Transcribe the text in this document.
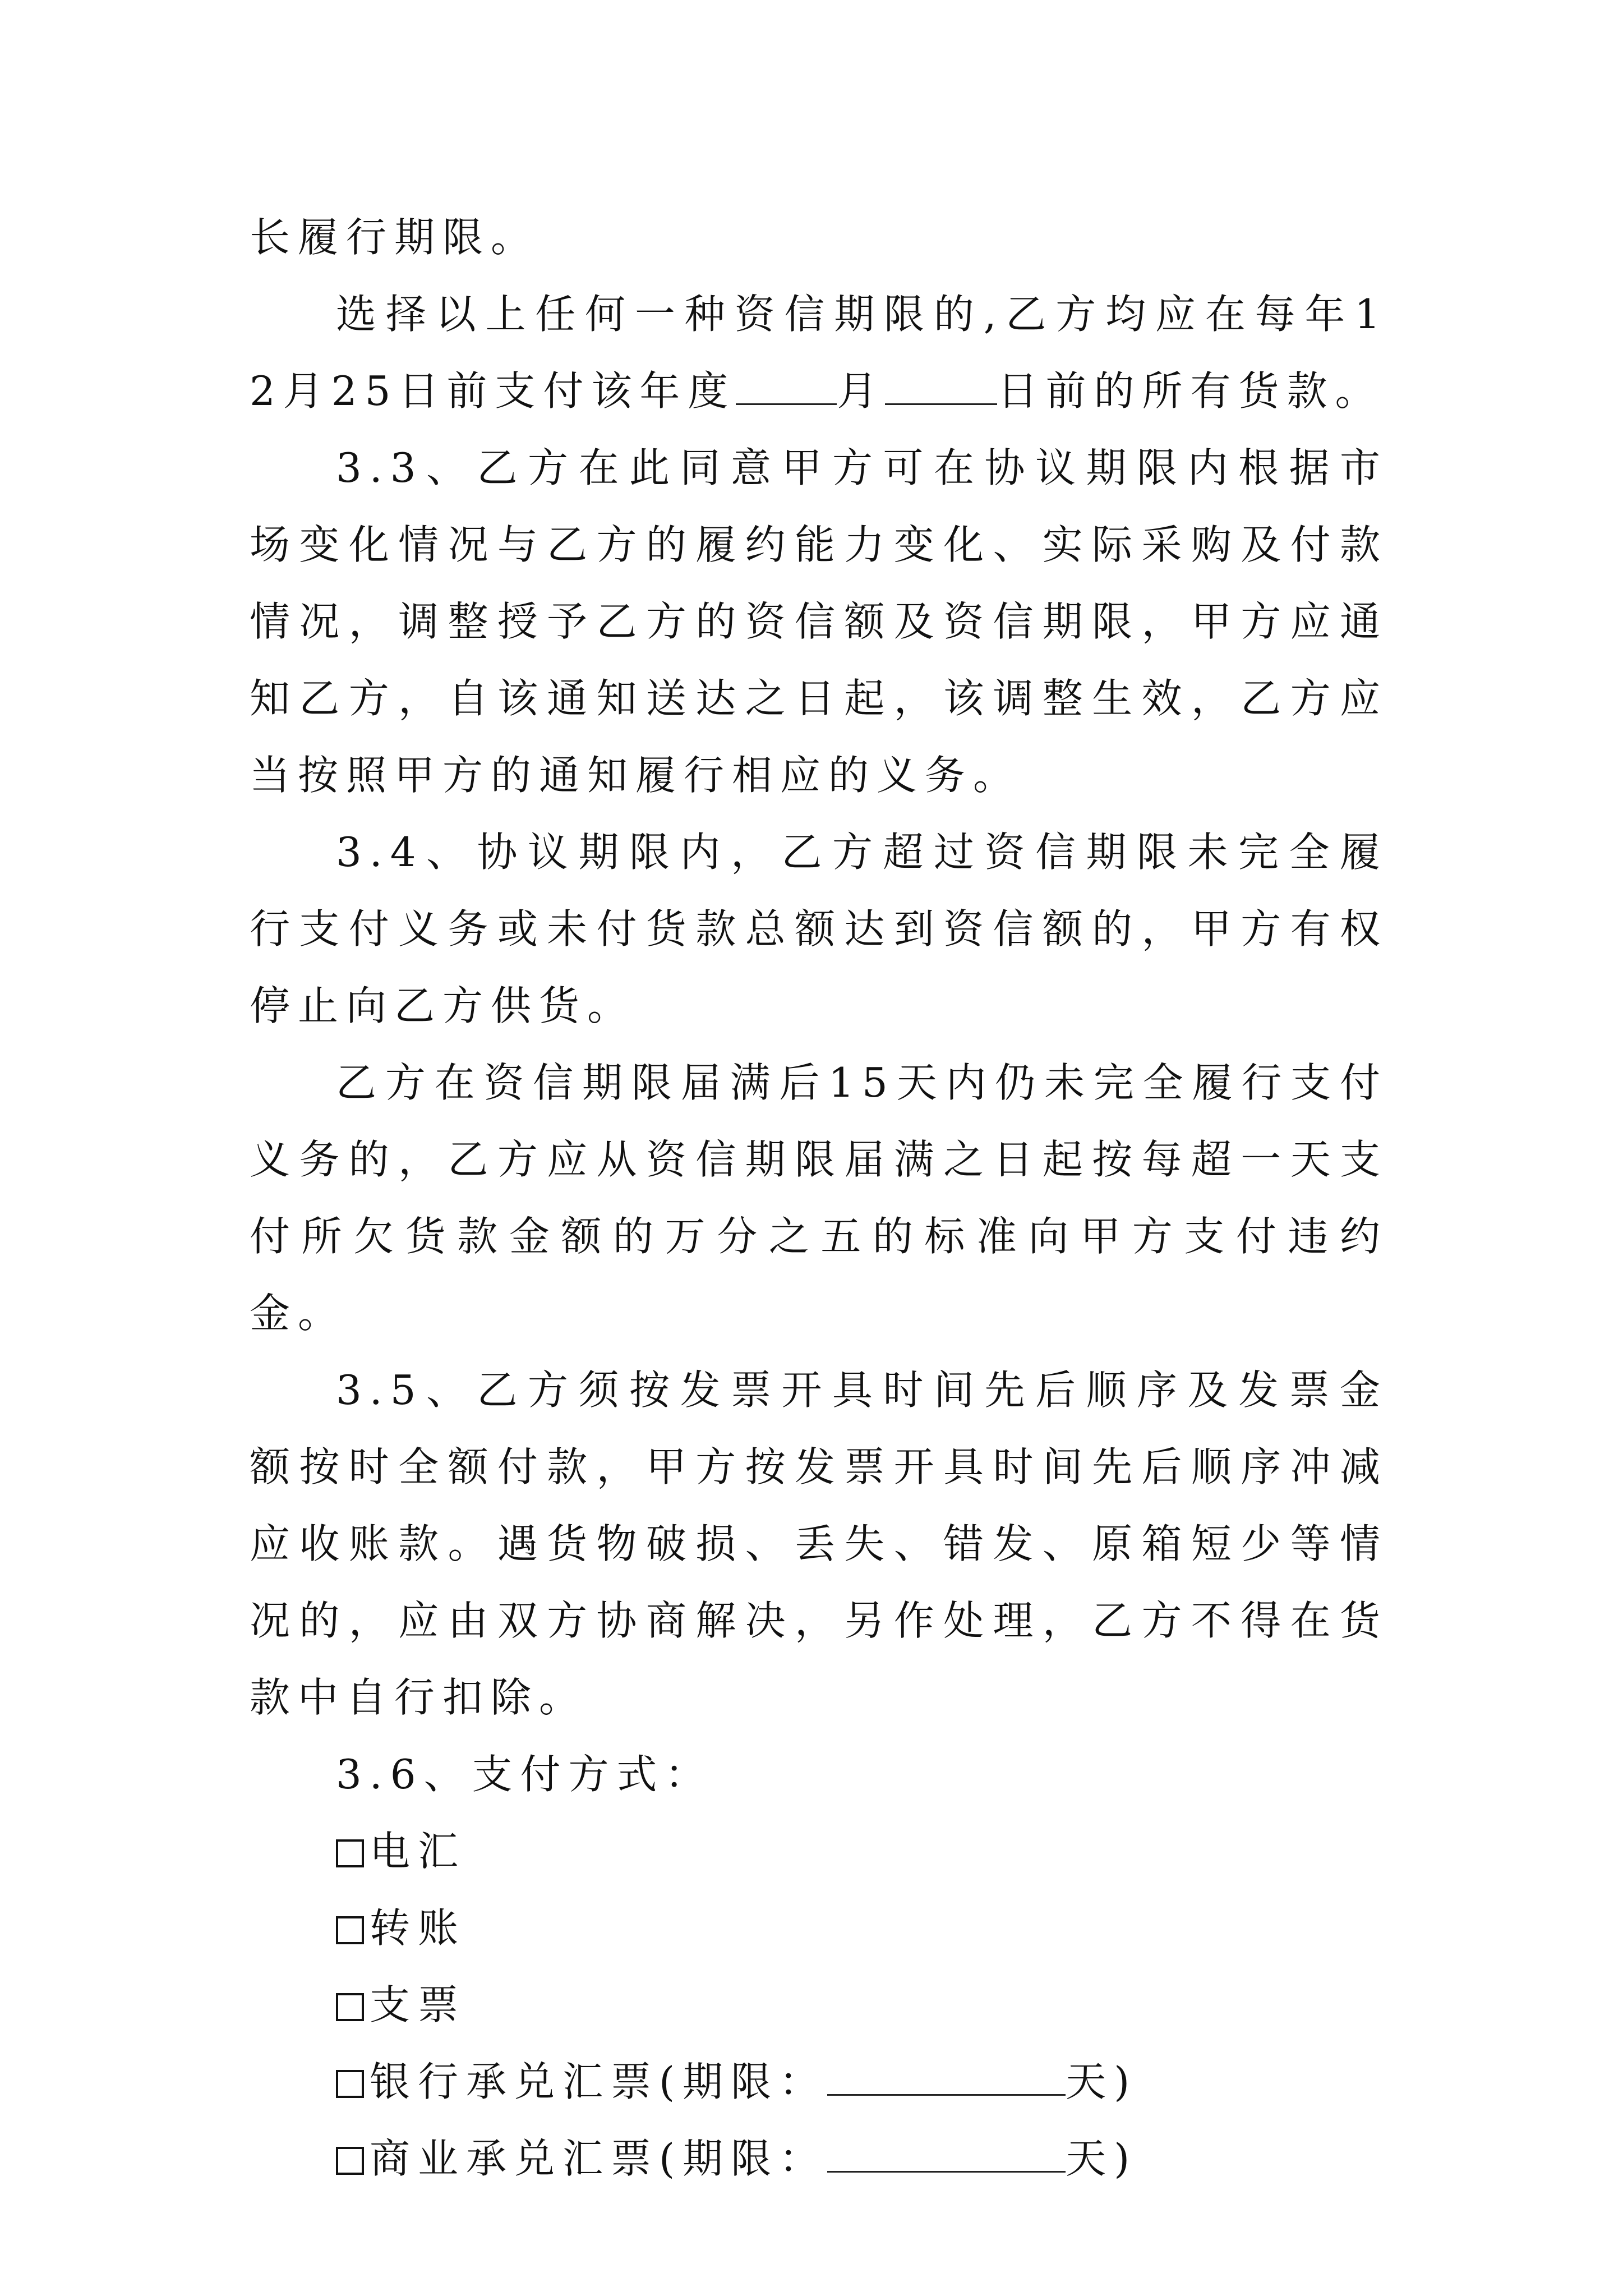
长履行期限。

选择以上任何一种资信期限的,乙方均应在每年12月25日前支付该年度	月	日前的所有货款。

3.3、乙方在此同意甲方可在协议期限内根据市场变化情况与乙方的履约能力变化、实际采购及付款情况，调整授予乙方的资信额及资信期限，甲方应通知乙方，自该通知送达之日起，该调整生效，乙方应当按照甲方的通知履行相应的义务。

3.4、协议期限内，乙方超过资信期限未完全履行支付义务或未付货款总额达到资信额的，甲方有权停止向乙方供货。

乙方在资信期限届满后15天内仍未完全履行支付义务的，乙方应从资信期限届满之日起按每超一天支付所欠货款金额的万分之五的标准向甲方支付违约金。

3.5、乙方须按发票开具时间先后顺序及发票金额按时全额付款，甲方按发票开具时间先后顺序冲减应收账款。遇货物破损、丢失、错发、原箱短少等情况的，应由双方协商解决，另作处理，乙方不得在货款中自行扣除。

3.6、支付方式：

电汇

转账

支票

银行承兑汇票(期限：	天)

商业承兑汇票(期限：	天)
